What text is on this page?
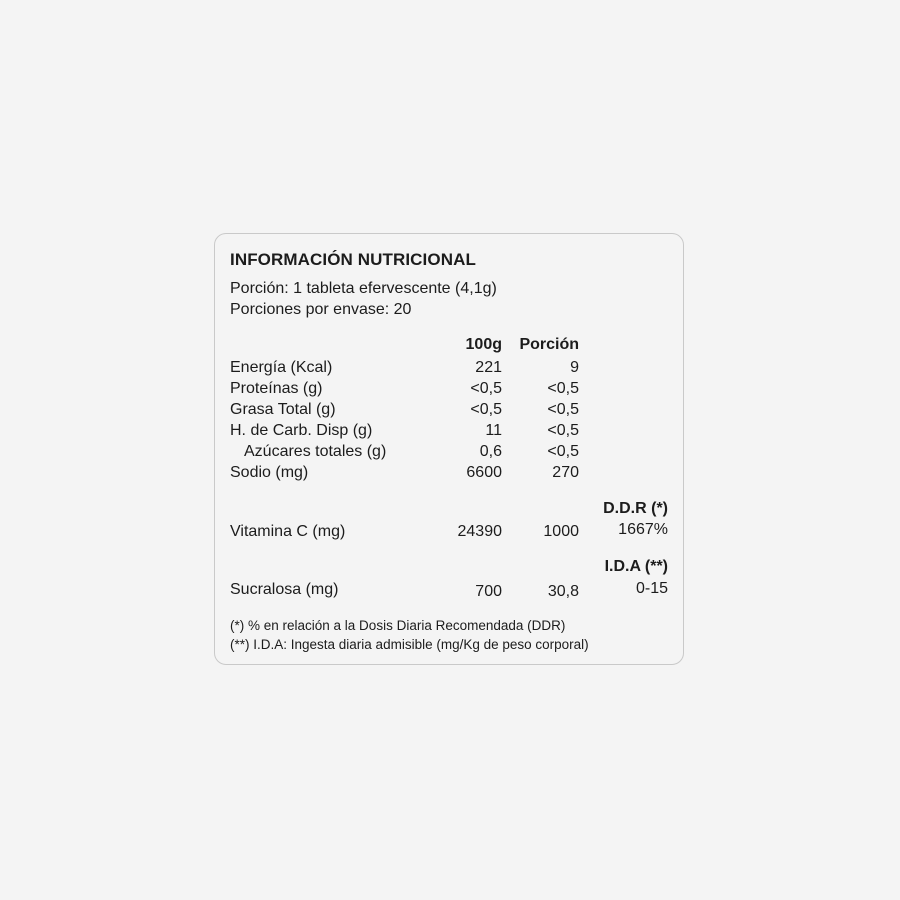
INFORMACIÓN NUTRICIONAL
Porción: 1 tableta efervescente (4,1g)
Porciones por envase: 20
100g Porción
Energía (Kcal)	221	9
Proteínas (g)	<0,5	<0,5
Grasa Total (g)	<0,5	<0,5
H. de Carb. Disp (g)	11	<0,5
Azúcares totales (g)	0,6	<0,5
Sodio (mg)	6600	270
D.D.R (*)
Vitamina C (mg)	24390	1000 1667%
I.D.A (**)
Sucralosa (mg)	700	30,8	0-15
(*) % en relación a la Dosis Diaria Recomendada (DDR)
(**) I.D.A: Ingesta diaria admisible (mg/Kg de peso corporal)
